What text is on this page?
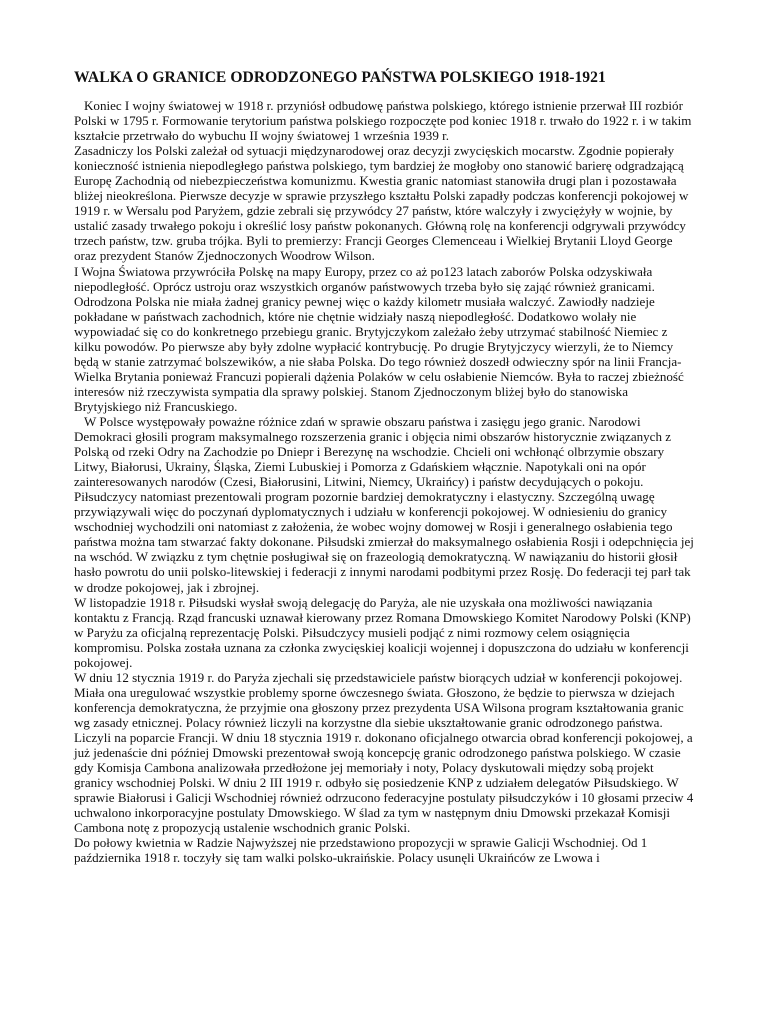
WALKA O GRANICE ODRODZONEGO PAŃSTWA POLSKIEGO 1918-1921

Koniec I wojny światowej w 1918 r. przyniósł odbudowę państwa polskiego, którego istnienie przerwał III rozbiór Polski w 1795 r. Formowanie terytorium państwa polskiego rozpoczęte pod koniec 1918 r. trwało do 1922 r. i w takim kształcie przetrwało do wybuchu II wojny światowej 1 września 1939 r.

Zasadniczy los Polski zależał od sytuacji międzynarodowej oraz decyzji zwycięskich mocarstw. Zgodnie popierały konieczność istnienia niepodległego państwa polskiego, tym bardziej że mogłoby ono stanowić barierę odgradzającą Europę Zachodnią od niebezpieczeństwa komunizmu. Kwestia granic natomiast stanowiła drugi plan i pozostawała bliżej nieokreślona. Pierwsze decyzje w sprawie przyszłego kształtu Polski zapadły podczas konferencji pokojowej w 1919 r. w Wersalu pod Paryżem, gdzie zebrali się przywódcy 27 państw, które walczyły i zwyciężyły w wojnie, by ustalić zasady trwałego pokoju i określić losy państw pokonanych. Główną rolę na konferencji odgrywali przywódcy trzech państw, tzw. gruba trójka. Byli to premierzy: Francji Georges Clemenceau i Wielkiej Brytanii Lloyd George oraz prezydent Stanów Zjednoczonych Woodrow Wilson.

I Wojna Światowa przywróciła Polskę na mapy Europy, przez co aż po123 latach zaborów Polska odzyskiwała niepodległość. Oprócz ustroju oraz wszystkich organów państwowych trzeba było się zająć również granicami. Odrodzona Polska nie miała żadnej granicy pewnej więc o każdy kilometr musiała walczyć. Zawiodły nadzieje pokładane w państwach zachodnich, które nie chętnie widziały naszą niepodległość. Dodatkowo wolały nie wypowiadać się co do konkretnego przebiegu granic. Brytyjczykom zależało żeby utrzymać stabilność Niemiec z kilku powodów. Po pierwsze aby były zdolne wypłacić kontrybucję. Po drugie Brytyjczycy wierzyli, że to Niemcy będą w stanie zatrzymać bolszewików, a nie słaba Polska. Do tego również doszedł odwieczny spór na linii Francja-Wielka Brytania ponieważ Francuzi popierali dążenia Polaków w celu osłabienie Niemców. Była to raczej zbieżność interesów niż rzeczywista sympatia dla sprawy polskiej. Stanom Zjednoczonym bliżej było do stanowiska Brytyjskiego niż Francuskiego.

W Polsce występowały poważne różnice zdań w sprawie obszaru państwa i zasięgu jego granic. Narodowi Demokraci głosili program maksymalnego rozszerzenia granic i objęcia nimi obszarów historycznie związanych z Polską od rzeki Odry na Zachodzie po Dniepr i Berezynę na wschodzie. Chcieli oni wchłonąć olbrzymie obszary Litwy, Białorusi, Ukrainy, Śląska, Ziemi Lubuskiej i Pomorza z Gdańskiem włącznie. Napotykali oni na opór zainteresowanych narodów (Czesi, Białorusini, Litwini, Niemcy, Ukraińcy) i państw decydujących o pokoju. Piłsudczycy natomiast prezentowali program pozornie bardziej demokratyczny i elastyczny. Szczególną uwagę przywiązywali więc do poczynań dyplomatycznych i udziału w konferencji pokojowej. W odniesieniu do granicy wschodniej wychodzili oni natomiast z założenia, że wobec wojny domowej w Rosji i generalnego osłabienia tego państwa można tam stwarzać fakty dokonane. Piłsudski zmierzał do maksymalnego osłabienia Rosji i odepchnięcia jej na wschód. W związku z tym chętnie posługiwał się on frazeologią demokratyczną. W nawiązaniu do historii głosił hasło powrotu do unii polsko-litewskiej i federacji z innymi narodami podbitymi przez Rosję. Do federacji tej parł tak w drodze pokojowej, jak i zbrojnej.

W listopadzie 1918 r. Piłsudski wysłał swoją delegację do Paryża, ale nie uzyskała ona możliwości nawiązania kontaktu z Francją. Rząd francuski uznawał kierowany przez Romana Dmowskiego Komitet Narodowy Polski (KNP) w Paryżu za oficjalną reprezentację Polski. Piłsudczycy musieli podjąć z nimi rozmowy celem osiągnięcia kompromisu. Polska została uznana za członka zwycięskiej koalicji wojennej i dopuszczona do udziału w konferencji pokojowej.

W dniu 12 stycznia 1919 r. do Paryża zjechali się przedstawiciele państw biorących udział w konferencji pokojowej. Miała ona uregulować wszystkie problemy sporne ówczesnego świata. Głoszono, że będzie to pierwsza w dziejach konferencja demokratyczna, że przyjmie ona głoszony przez prezydenta USA Wilsona program kształtowania granic wg zasady etnicznej. Polacy również liczyli na korzystne dla siebie ukształtowanie granic odrodzonego państwa. Liczyli na poparcie Francji. W dniu 18 stycznia 1919 r. dokonano oficjalnego otwarcia obrad konferencji pokojowej, a już jedenaście dni później Dmowski prezentował swoją koncepcję granic odrodzonego państwa polskiego. W czasie gdy Komisja Cambona analizowała przedłożone jej memoriały i noty, Polacy dyskutowali między sobą projekt granicy wschodniej Polski. W dniu 2 III 1919 r. odbyło się posiedzenie KNP z udziałem delegatów Piłsudskiego. W sprawie Białorusi i Galicji Wschodniej również odrzucono federacyjne postulaty piłsudczyków i 10 głosami przeciw 4 uchwalono inkorporacyjne postulaty Dmowskiego. W ślad za tym w następnym dniu Dmowski przekazał Komisji Cambona notę z propozycją ustalenie wschodnich granic Polski.

Do połowy kwietnia w Radzie Najwyższej nie przedstawiono propozycji w sprawie Galicji Wschodniej. Od 1 października 1918 r. toczyły się tam walki polsko-ukraińskie. Polacy usunęli Ukraińców ze Lwowa i
